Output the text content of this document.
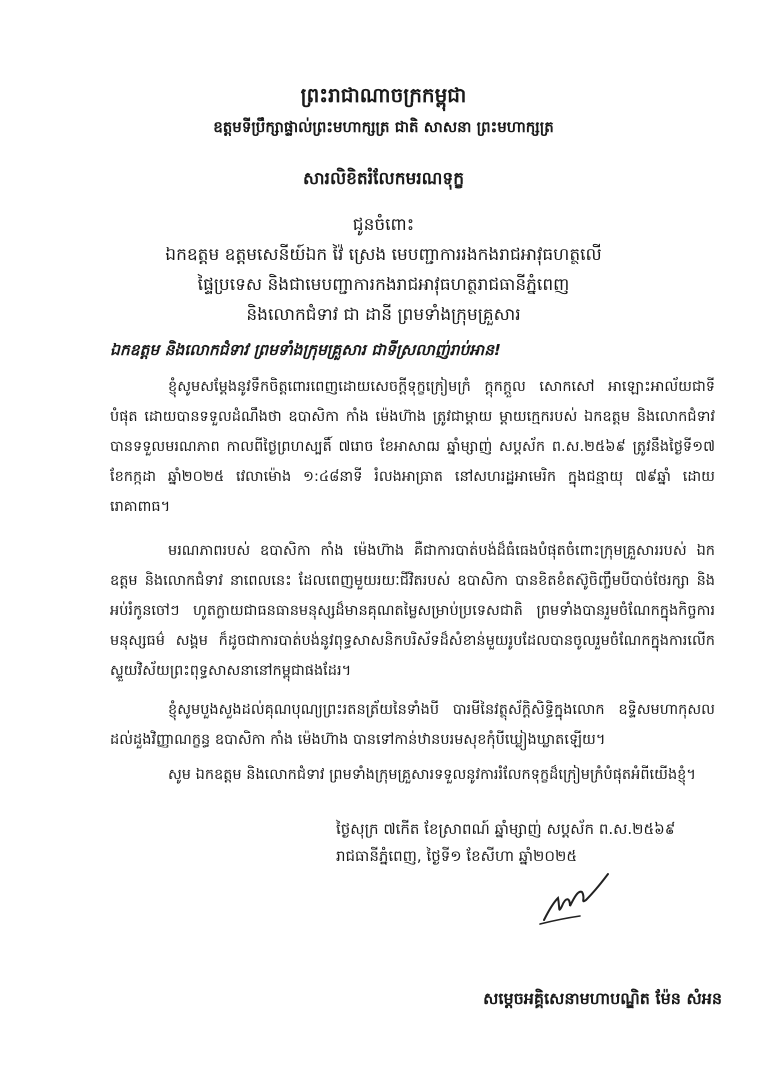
ព្រះរាជាណាចក្រកម្ពុជា
ឧត្តមទីប្រឹក្សាផ្ទាល់ព្រះមហាក្សត្រ ជាតិ សាសនា ព្រះមហាក្សត្រ
សារលិខិតរំលែកមរណទុក្ខ
ជូនចំពោះ
ឯកឧត្តម ឧត្តមសេនីយ៍ឯក វ៉ៃ ស្រេង មេបញ្ជាការរងកងរាជអាវុធហត្ថលើ
ផ្ទៃប្រទេស និងជាមេបញ្ជាការកងរាជអាវុធហត្ថរាជធានីភ្នំពេញ
និងលោកជំទាវ ជា ដានី ព្រមទាំងក្រុមគ្រួសារ
ឯកឧត្តម និងលោកជំទាវ ព្រមទាំងក្រុមគ្រួសារ ជាទីស្រលាញ់រាប់អាន!
ខ្ញុំសូមសម្តែងនូវទឹកចិត្តពោរពេញដោយសេចក្តីទុក្ខក្រៀមក្រំ ក្តុកក្តួល សោកសៅ អាឡោះអាល័យជាទីបំផុត ដោយបានទទួលដំណឹងថា ឧបាសិកា កាំង ម៉េងហ៊ាង ត្រូវជាម្តាយ ម្តាយក្មេករបស់ ឯកឧត្តម និងលោកជំទាវ បានទទួលមរណភាព កាលពីថ្ងៃព្រហស្បតិ៍ ៧រោច ខែអាសាឍ ឆ្នាំម្សាញ់ សប្តស័ក ព.ស.២៥៦៩ ត្រូវនឹងថ្ងៃទី១៧ ខែកក្កដា ឆ្នាំ២០២៥ វេលាម៉ោង ១:៤៨នាទី រំលងអាធ្រាត នៅសហរដ្ឋអាមេរិក ក្នុងជន្មាយុ ៧៩ឆ្នាំ ដោយរោគាពាធ។
មរណភាពរបស់ ឧបាសិកា កាំង ម៉េងហ៊ាង គឺជាការបាត់បង់ដ៏ធំធេងបំផុតចំពោះក្រុមគ្រួសាររបស់ ឯកឧត្តម និងលោកជំទាវ នាពេលនេះ ដែលពេញមួយរយៈជីវិតរបស់ ឧបាសិកា បានខិតខំតស៊ូចិញ្ចឹមបីបាច់ថែរក្សា និងអប់រំកូនចៅៗ ហូតក្លាយជាធនធានមនុស្សដ៏មានគុណតម្លៃសម្រាប់ប្រទេសជាតិ ព្រមទាំងបានរួមចំណែកក្នុងកិច្ចការមនុស្សធម៌ សង្គម ក៏ដូចជាការបាត់បង់នូវពុទ្ធសាសនិកបរិស័ទដ៏សំខាន់មួយរូបដែលបានចូលរួមចំណែកក្នុងការលើកស្ទួយវិស័យព្រះពុទ្ធសាសនានៅកម្ពុជាផងដែរ។
ខ្ញុំសូមបួងសួងដល់គុណបុណ្យព្រះរតនត្រ័យនៃទាំងបី បារមីនៃវត្ថុស័ក្តិសិទ្ធិក្នុងលោក ឧទ្ទិសមហាកុសល ដល់ដួងវិញ្ញាណក្ខន្ធ ឧបាសិកា កាំង ម៉េងហ៊ាង បានទៅកាន់ឋានបរមសុខកុំបីឃ្លៀងឃ្លាតឡើយ។
សូម ឯកឧត្តម និងលោកជំទាវ ព្រមទាំងក្រុមគ្រួសារទទួលនូវការរំលែកទុក្ខដ៏ក្រៀមក្រំបំផុតអំពីយើងខ្ញុំ។
ថ្ងៃសុក្រ ៧កើត ខែស្រាពណ៍ ឆ្នាំម្សាញ់ សប្តស័ក ព.ស.២៥៦៩
រាជធានីភ្នំពេញ, ថ្ងៃទី១ ខែសីហា ឆ្នាំ២០២៥
សម្តេចអគ្គិសេនាមហាបណ្ឌិត ម៉ែន សំអន
